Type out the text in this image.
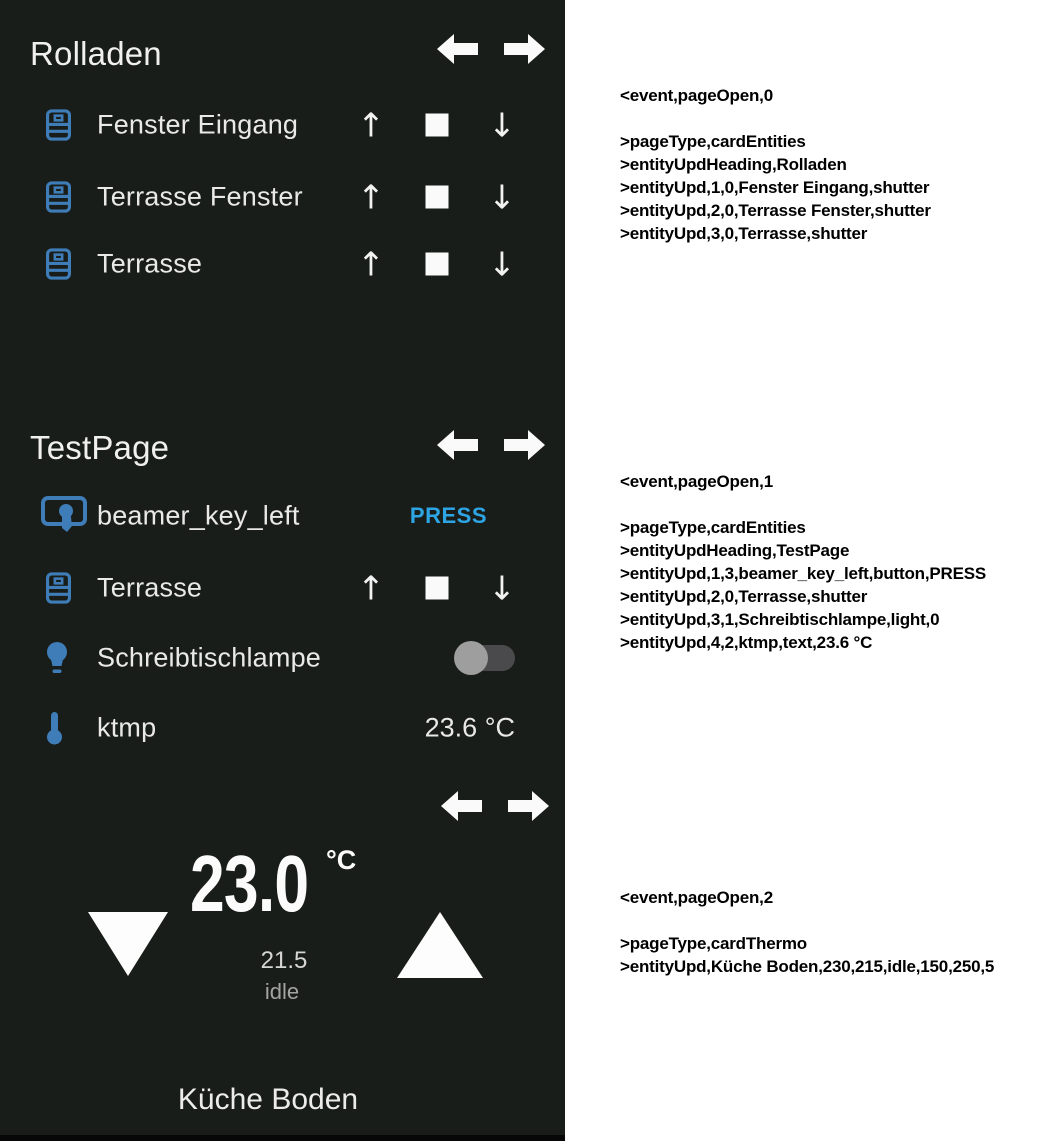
Rolladen
Fenster Eingang ↑	↓
Terrasse Fenster ↑	↓
Terrasse	↑	↓
TestPage
beamer_key_left	PRESS
Terrasse	↑	↓
Schreibtischlampe
ktmp	23.6 °C
23.0 °C
21.5
idle
Küche Boden
<event,pageOpen,0
>pageType,cardEntities
>entityUpdHeading,Rolladen
>entityUpd,1,0,Fenster Eingang,shutter
>entityUpd,2,0,Terrasse Fenster,shutter
>entityUpd,3,0,Terrasse,shutter
<event,pageOpen,1
>pageType,cardEntities
>entityUpdHeading,TestPage
>entityUpd,1,3,beamer_key_left,button,PRESS
>entityUpd,2,0,Terrasse,shutter
>entityUpd,3,1,Schreibtischlampe,light,0
>entityUpd,4,2,ktmp,text,23.6 °C
<event,pageOpen,2
>pageType,cardThermo
>entityUpd,Küche Boden,230,215,idle,150,250,5
